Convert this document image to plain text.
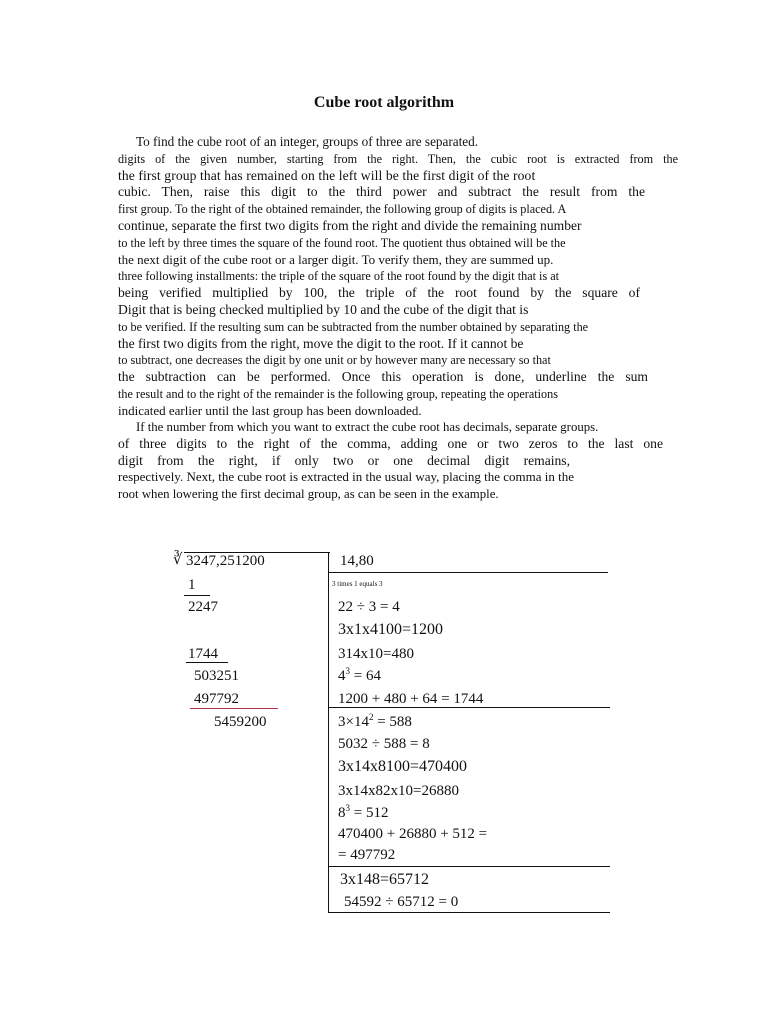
Cube root algorithm
To find the cube root of an integer, groups of three are separated.
digits of the given number, starting from the right. Then, the cubic root is extracted from the
the first group that has remained on the left will be the first digit of the root
cubic. Then, raise this digit to the third power and subtract the result from the
first group. To the right of the obtained remainder, the following group of digits is placed. A
continue, separate the first two digits from the right and divide the remaining number
to the left by three times the square of the found root. The quotient thus obtained will be the
the next digit of the cube root or a larger digit. To verify them, they are summed up.
three following installments: the triple of the square of the root found by the digit that is at
being verified multiplied by 100, the triple of the root found by the square of
Digit that is being checked multiplied by 10 and the cube of the digit that is
to be verified. If the resulting sum can be subtracted from the number obtained by separating the
the first two digits from the right, move the digit to the root. If it cannot be
to subtract, one decreases the digit by one unit or by however many are necessary so that
the subtraction can be performed. Once this operation is done, underline the sum
the result and to the right of the remainder is the following group, repeating the operations
indicated earlier until the last group has been downloaded.
If the number from which you want to extract the cube root has decimals, separate groups.
of three digits to the right of the comma, adding one or two zeros to the last one
digit from the right, if only two or one decimal digit remains,
respectively. Next, the cube root is extracted in the usual way, placing the comma in the
root when lowering the first decimal group, as can be seen in the example.
∛ 3247,251200	14,80
3 times 1 equals 3
1
2247
1744
503251
497792
5459200
22 ÷ 3 = 4
3x1x4100=1200
314x10=480
$4^3 = 64$
1200 + 480 + 64 = 1744
$3\times 14^2 = 588$
5032 ÷ 588 = 8
3x14x8100=470400
3x14x82x10=26880
$8^3 = 512$
470400 + 26880 + 512 =
= 497792
3x148=65712
54592 ÷ 65712 = 0
